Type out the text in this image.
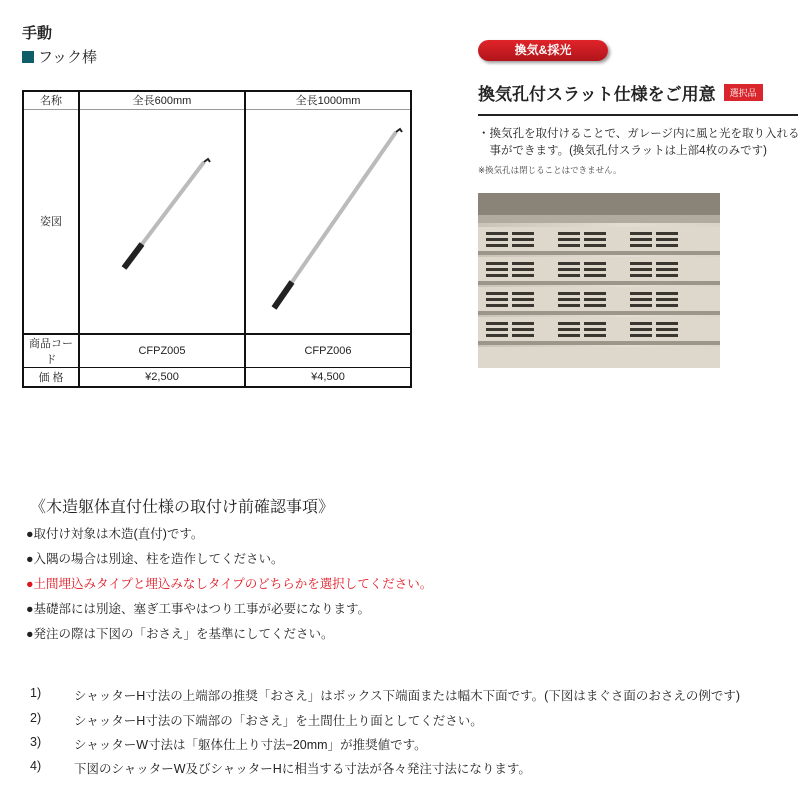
手動
フック棒
名称	全長600mm	全長1000mm
姿図		
商品コード	CFPZ005	CFPZ006
価 格	¥2,500	¥4,500
換気&採光
換気孔付スラット仕様をご用意	選択品
・換気孔を取付けることで、ガレージ内に風と光を取り入れる
　事ができます。(換気孔付スラットは上部4枚のみです)
※換気孔は閉じることはできません。
《木造躯体直付仕様の取付け前確認事項》
●取付け対象は木造(直付)です。
●入隅の場合は別途、柱を造作してください。
●土間埋込みタイプと埋込みなしタイプのどちらかを選択してください。
●基礎部には別途、塞ぎ工事やはつり工事が必要になります。
●発注の際は下図の「おさえ」を基準にしてください。
1)	シャッターH寸法の上端部の推奨「おさえ」はボックス下端面または幅木下面です。(下図はまぐさ面のおさえの例です)
2)	シャッターH寸法の下端部の「おさえ」を土間仕上り面としてください。
3)	シャッターW寸法は「躯体仕上り寸法−20mm」が推奨値です。
4)	下図のシャッターW及びシャッターHに相当する寸法が各々発注寸法になります。
